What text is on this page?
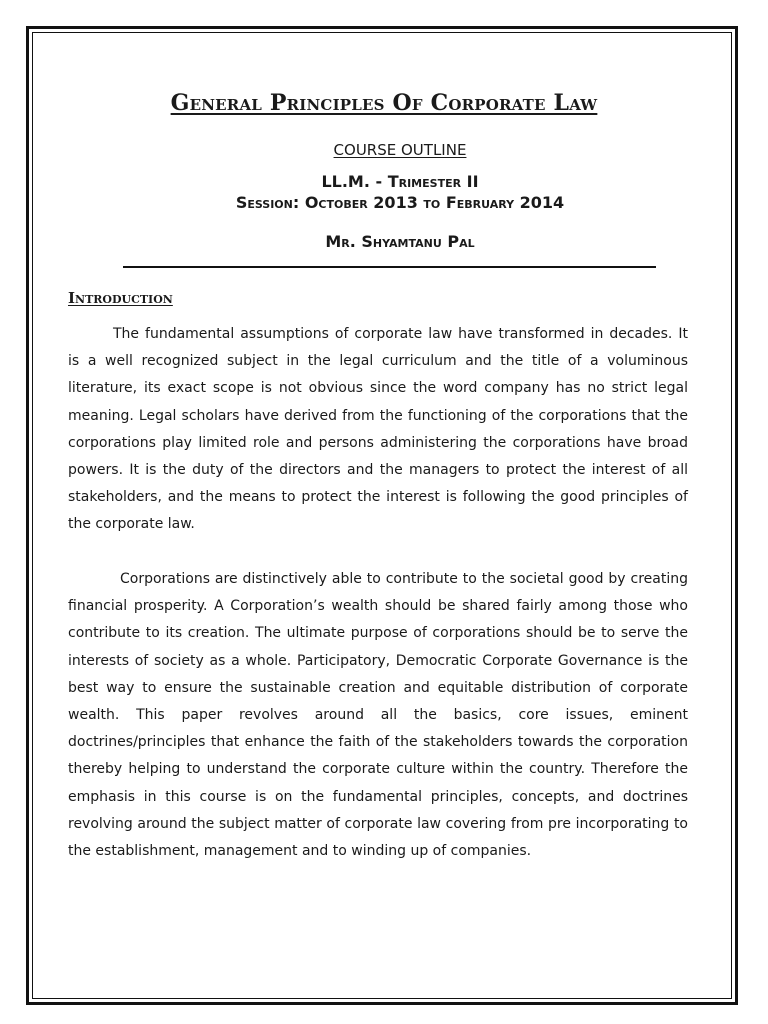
General Principles Of Corporate Law
COURSE OUTLINE
LL.M. - Trimester II
Session: October 2013 to February 2014
Mr. Shyamtanu Pal
Introduction

The fundamental assumptions of corporate law have transformed in decades. It is a well recognized subject in the legal curriculum and the title of a voluminous literature, its exact scope is not obvious since the word company has no strict legal meaning. Legal scholars have derived from the functioning of the corporations that the corporations play limited role and persons administering the corporations have broad powers. It is the duty of the directors and the managers to protect the interest of all stakeholders, and the means to protect the interest is following the good principles of the corporate law.

Corporations are distinctively able to contribute to the societal good by creating financial prosperity. A Corporation’s wealth should be shared fairly among those who contribute to its creation. The ultimate purpose of corporations should be to serve the interests of society as a whole. Participatory, Democratic Corporate Governance is the best way to ensure the sustainable creation and equitable distribution of corporate wealth. This paper revolves around all the basics, core issues, eminent doctrines/principles that enhance the faith of the stakeholders towards the corporation thereby helping to understand the corporate culture within the country. Therefore the emphasis in this course is on the fundamental principles, concepts, and doctrines revolving around the subject matter of corporate law covering from pre incorporating to the establishment, management and to winding up of companies.
